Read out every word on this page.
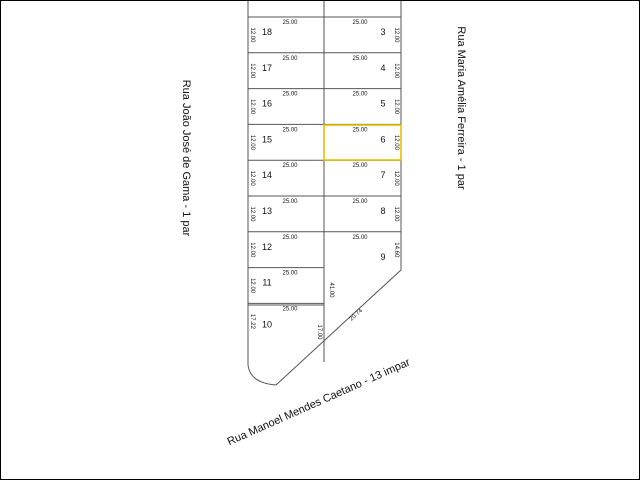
18
25.00
12.00
17
25.00
12.00
16
25.00
12.00
15
25.00
12.00
14
25.00
12.00
13
25.00
12.00
12
25.00
12.00
11
25.00
12.00
10
25.00
17.22
3
25.00
12.00
4
25.00
12.00
5
25.00
12.00
6
25.00
12.00
7
25.00
12.00
8
25.00
12.00
9
25.00
14.60
17.00
41.00
20.74
Rua João José de Gama - 1 par	Rua Maria Amélia Ferreira - 1 par
Rua Manoel Mendes Caetano - 13 impar
